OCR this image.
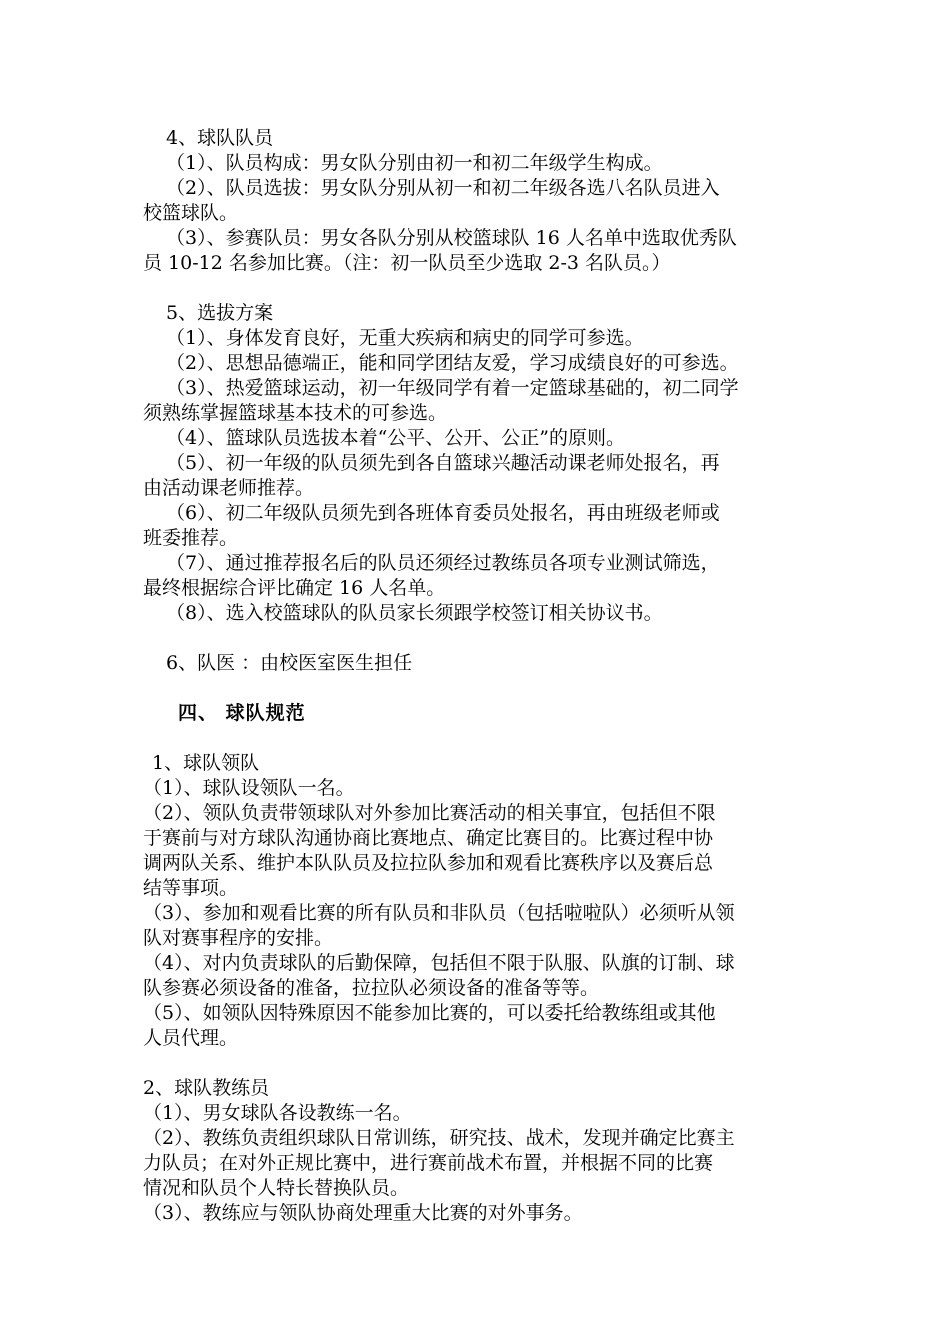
4、球队队员
（1）、队员构成：男女队分别由初一和初二年级学生构成。
（2）、队员选拔：男女队分别从初一和初二年级各选八名队员进入
校篮球队。
（3）、参赛队员：男女各队分别从校篮球队 16 人名单中选取优秀队
员 10-12 名参加比赛。（注：初一队员至少选取 2-3 名队员。）
5、选拔方案
（1）、身体发育良好，无重大疾病和病史的同学可参选。
（2）、思想品德端正，能和同学团结友爱，学习成绩良好的可参选。
（3）、热爱篮球运动，初一年级同学有着一定篮球基础的，初二同学
须熟练掌握篮球基本技术的可参选。
（4）、篮球队员选拔本着“公平、公开、公正”的原则。
（5）、初一年级的队员须先到各自篮球兴趣活动课老师处报名，再
由活动课老师推荐。
（6）、初二年级队员须先到各班体育委员处报名，再由班级老师或
班委推荐。
（7）、通过推荐报名后的队员还须经过教练员各项专业测试筛选，
最终根据综合评比确定 16 人名单。
（8）、选入校篮球队的队员家长须跟学校签订相关协议书。
6、队医 ：由校医室医生担任
四、 球队规范
1、球队领队
（1）、球队设领队一名。
（2）、领队负责带领球队对外参加比赛活动的相关事宜，包括但不限
于赛前与对方球队沟通协商比赛地点、确定比赛目的。比赛过程中协
调两队关系、维护本队队员及拉拉队参加和观看比赛秩序以及赛后总
结等事项。
（3）、参加和观看比赛的所有队员和非队员（包括啦啦队）必须听从领
队对赛事程序的安排。
（4）、对内负责球队的后勤保障，包括但不限于队服、队旗的订制、球
队参赛必须设备的准备，拉拉队必须设备的准备等等。
（5）、如领队因特殊原因不能参加比赛的，可以委托给教练组或其他
人员代理。
2、球队教练员
（1）、男女球队各设教练一名。
（2）、教练负责组织球队日常训练，研究技、战术，发现并确定比赛主
力队员；在对外正规比赛中，进行赛前战术布置，并根据不同的比赛
情况和队员个人特长替换队员。
（3）、教练应与领队协商处理重大比赛的对外事务。
